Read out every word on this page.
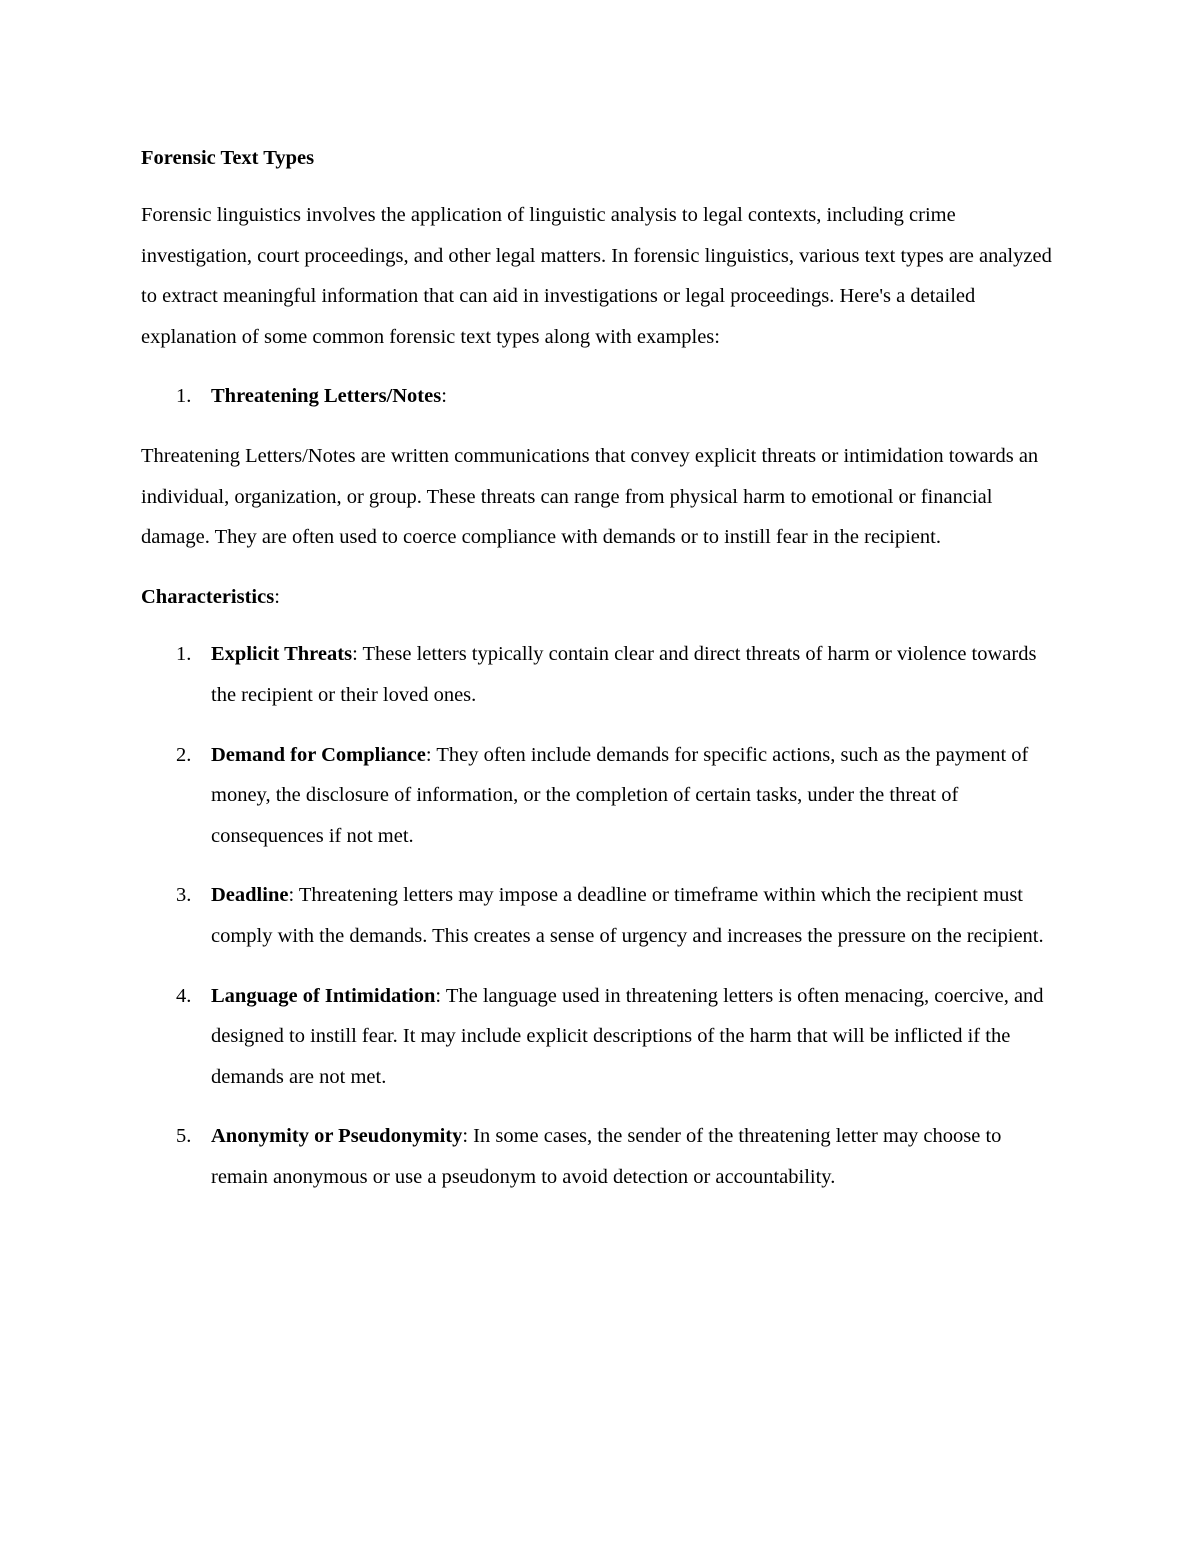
Forensic Text Types
Forensic linguistics involves the application of linguistic analysis to legal contexts, including crime investigation, court proceedings, and other legal matters. In forensic linguistics, various text types are analyzed to extract meaningful information that can aid in investigations or legal proceedings. Here's a detailed explanation of some common forensic text types along with examples:
1. Threatening Letters/Notes:
Threatening Letters/Notes are written communications that convey explicit threats or intimidation towards an individual, organization, or group. These threats can range from physical harm to emotional or financial damage. They are often used to coerce compliance with demands or to instill fear in the recipient.
Characteristics:
1. Explicit Threats: These letters typically contain clear and direct threats of harm or violence towards the recipient or their loved ones.
2. Demand for Compliance: They often include demands for specific actions, such as the payment of money, the disclosure of information, or the completion of certain tasks, under the threat of consequences if not met.
3. Deadline: Threatening letters may impose a deadline or timeframe within which the recipient must comply with the demands. This creates a sense of urgency and increases the pressure on the recipient.
4. Language of Intimidation: The language used in threatening letters is often menacing, coercive, and designed to instill fear. It may include explicit descriptions of the harm that will be inflicted if the demands are not met.
5. Anonymity or Pseudonymity: In some cases, the sender of the threatening letter may choose to remain anonymous or use a pseudonym to avoid detection or accountability.
